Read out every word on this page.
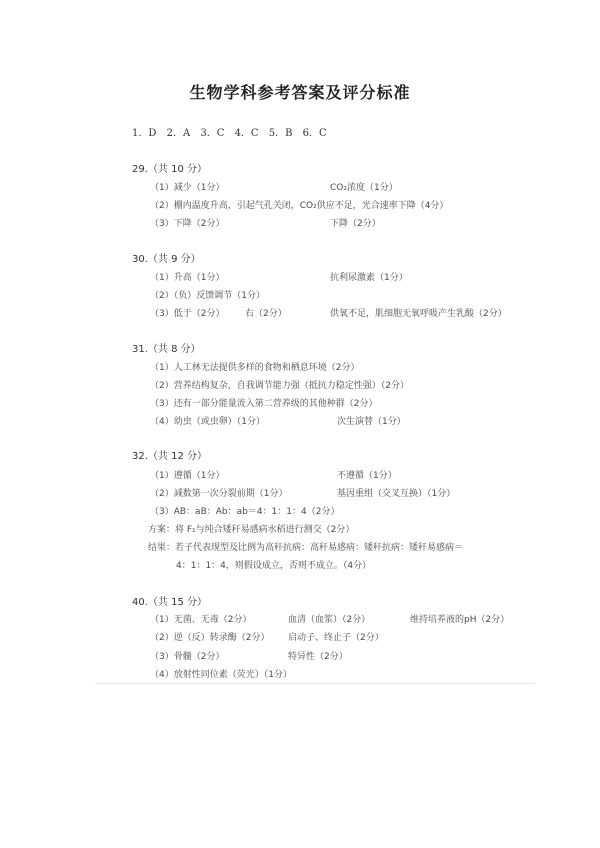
生物学科参考答案及评分标准
1．D 2．A 3．C 4．C 5．B 6．C
29.（共 10 分）
（1）减少（1分）	CO₂浓度（1分）
（2）棚内温度升高，引起气孔关闭，CO₂供应不足，光合速率下降（4分）
（3）下降（2分）	下降（2分）
30.（共 9 分）
（1）升高（1分）	抗利尿激素（1分）
（2）（负）反馈调节（1分）
（3）低于（2分） 右（2分）	供氧不足，肌细胞无氧呼吸产生乳酸（2分）
31.（共 8 分）
（1）人工林无法提供多样的食物和栖息环境（2分）
（2）营养结构复杂，自我调节能力强（抵抗力稳定性强）（2分）
（3）还有一部分能量流入第二营养级的其他种群（2分）
（4）幼虫（或虫卵）（1分）	次生演替（1分）
32.（共 12 分）
（1）遵循（1分）	不遵循（1分）
（2）减数第一次分裂前期（1分）	基因重组（交叉互换）（1分）
（3）AB：aB：Ab：ab＝4：1：1：4（2分）
方案：将 F₁与纯合矮秆易感病水稻进行测交（2分）
结果：若子代表现型及比例为高秆抗病：高秆易感病：矮秆抗病：矮秆易感病＝
4：1：1：4，则假设成立，否则不成立。（4分）
40.（共 15 分）
（1）无菌、无毒（2分）	血清（血浆）（2分）	维持培养液的pH（2分）
（2）逆（反）转录酶（2分） 启动子、终止子（2分）
（3）骨髓（2分）	特异性（2分）
（4）放射性同位素（荧光）（1分）
